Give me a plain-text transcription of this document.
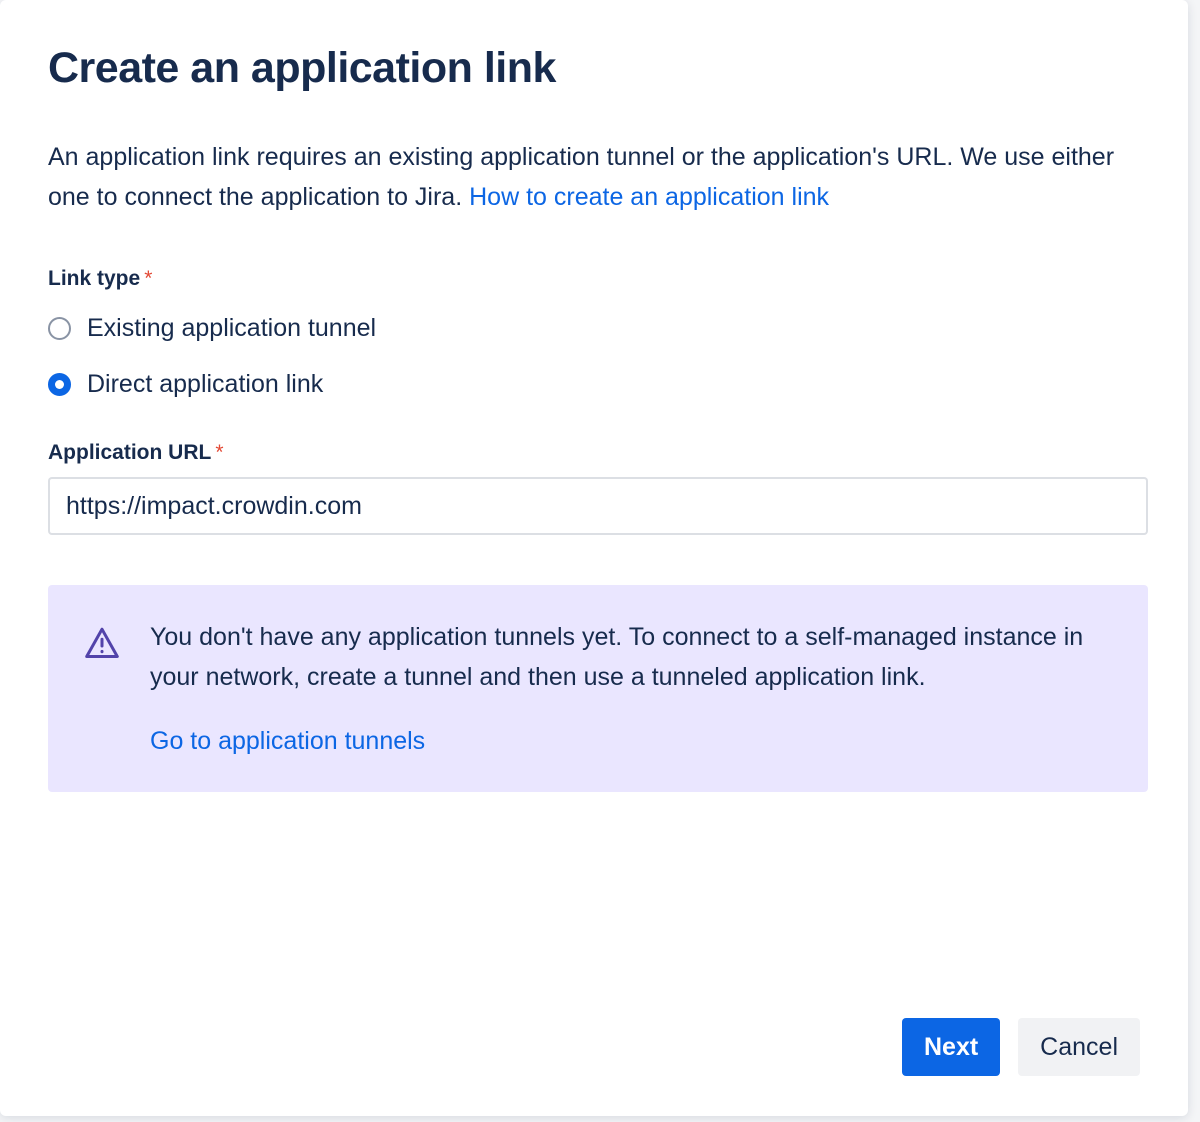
Create an application link

An application link requires an existing application tunnel or the application's URL. We use either one to connect the application to Jira. How to create an application link

Link type *
Existing application tunnel
Direct application link
Application URL *
https://impact.crowdin.com

You don't have any application tunnels yet. To connect to a self-managed instance in your network, create a tunnel and then use a tunneled application link.

Go to application tunnels
Next	Cancel
